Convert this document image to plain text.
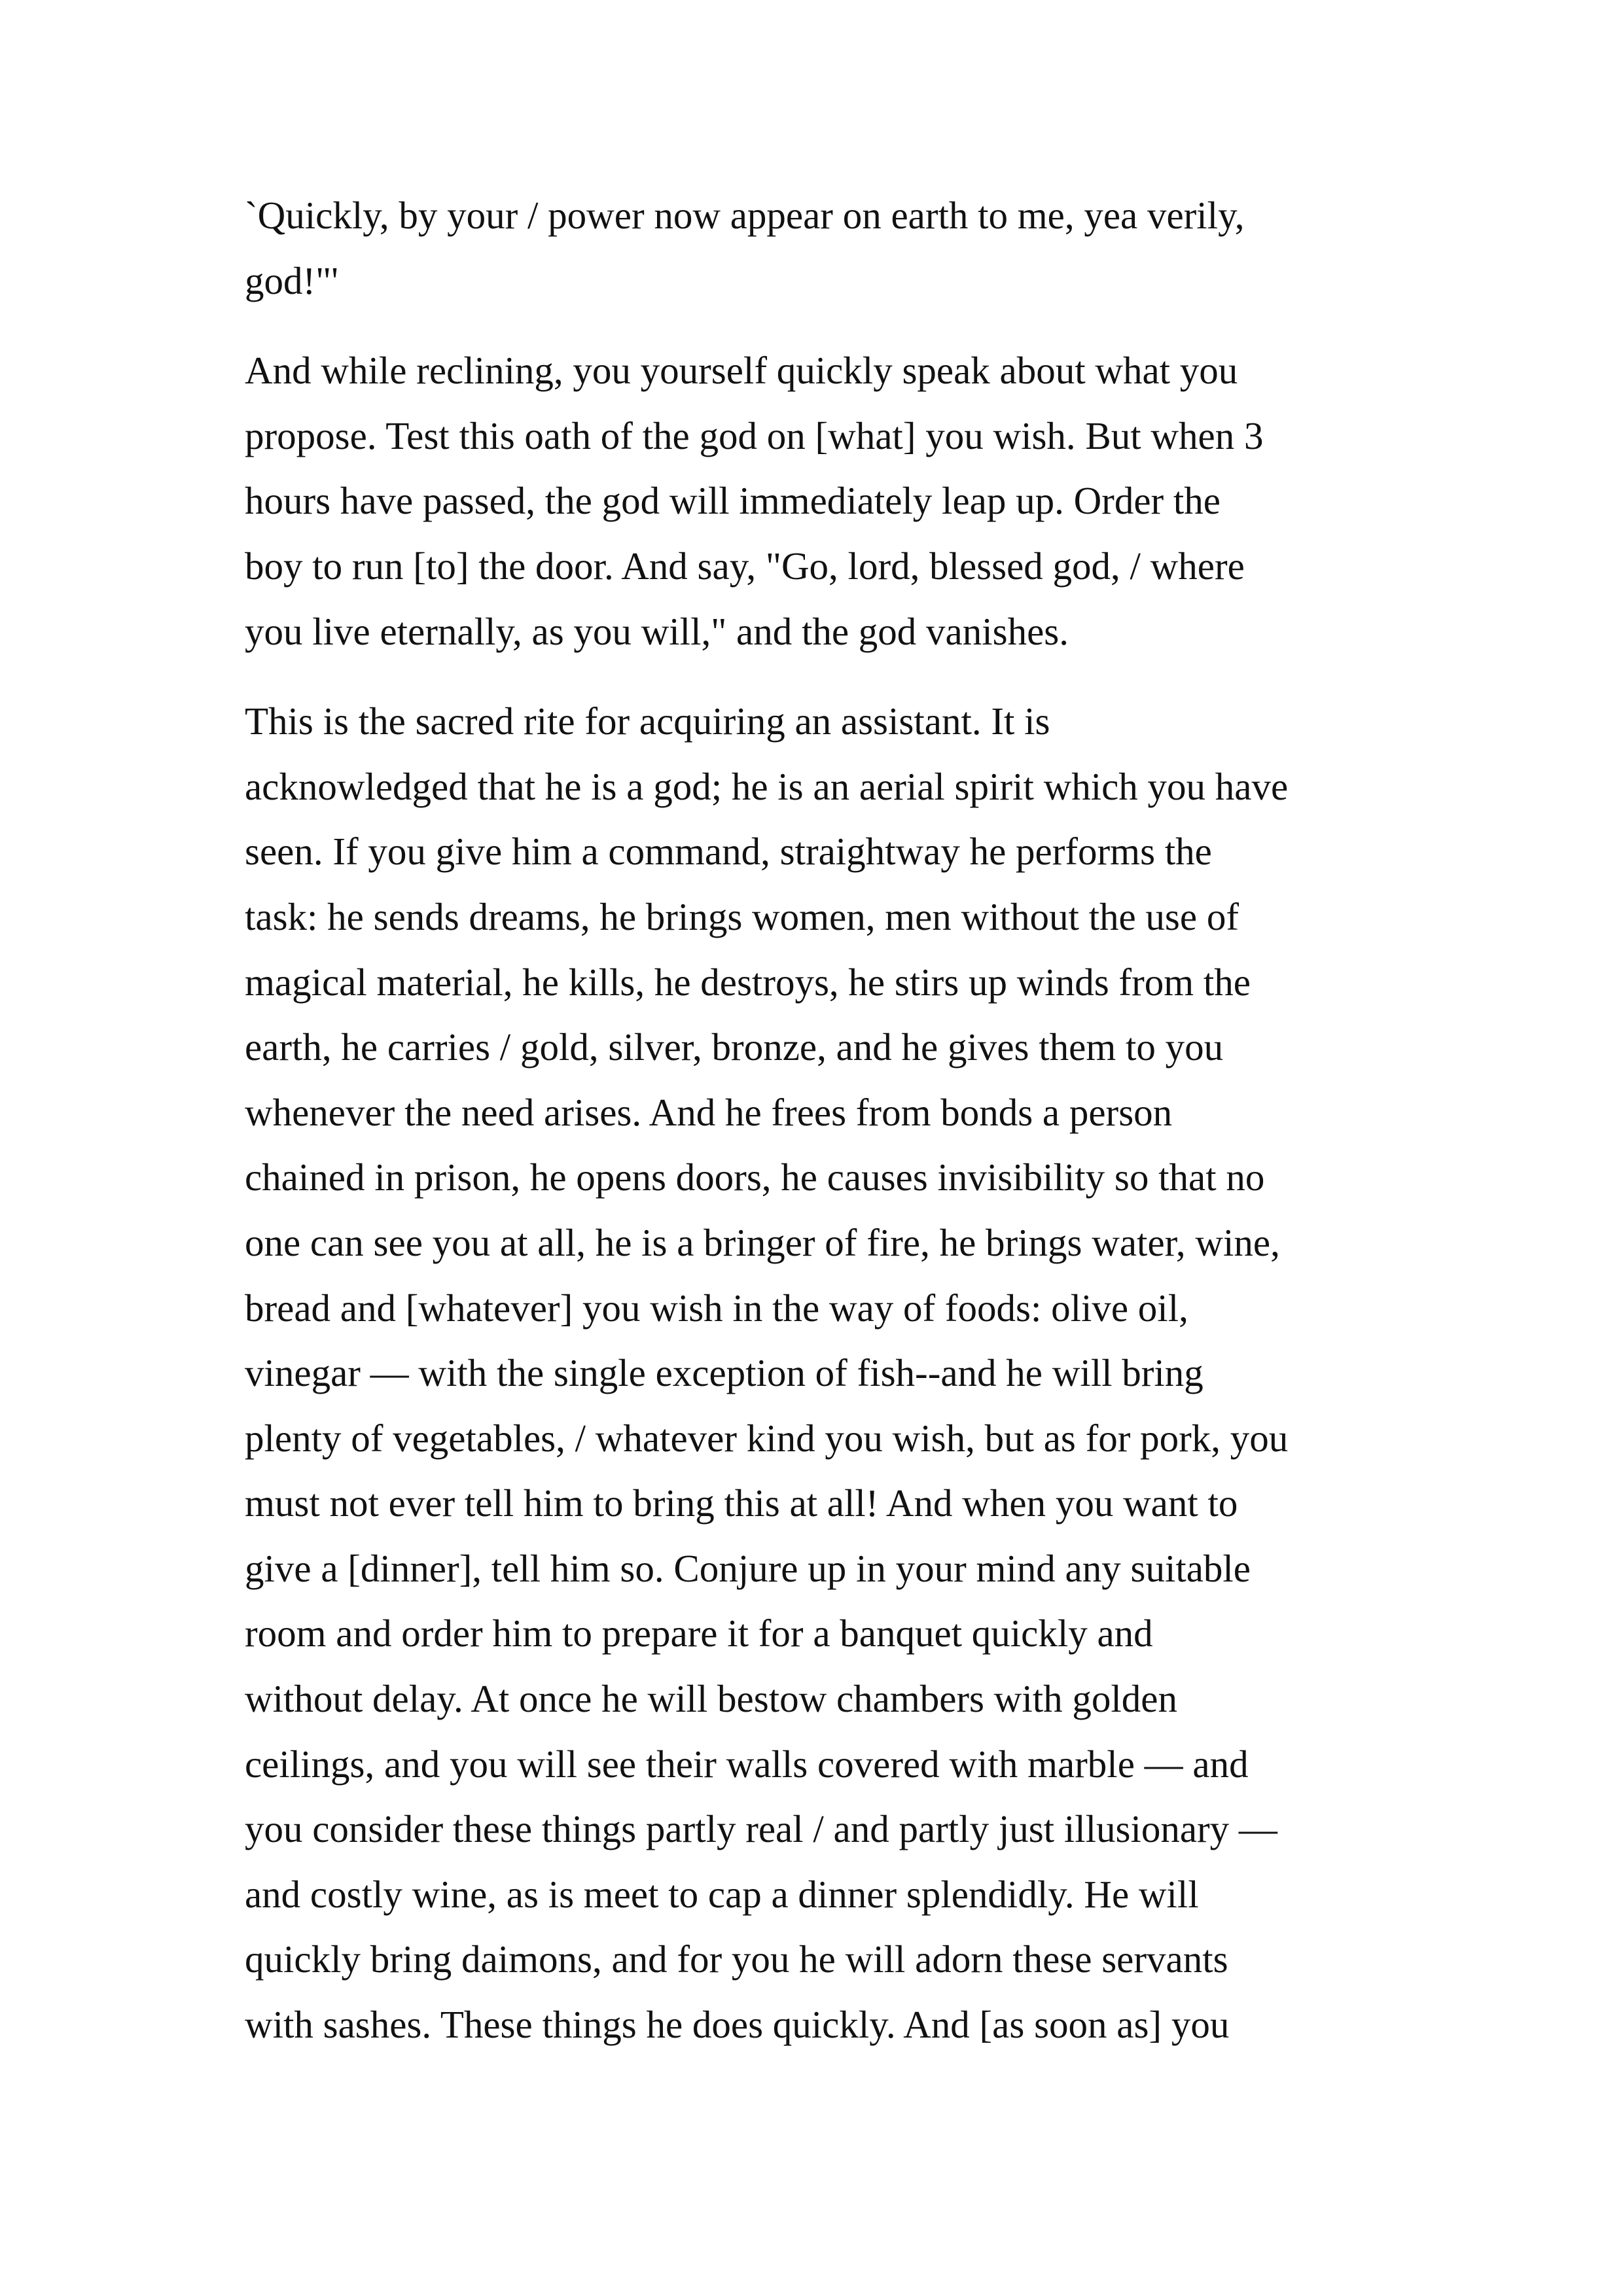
`Quickly, by your / power now appear on earth to me, yea verily,
god!"'

And while reclining, you yourself quickly speak about what you
propose. Test this oath of the god on [what] you wish. But when 3
hours have passed, the god will immediately leap up. Order the
boy to run [to] the door. And say, "Go, lord, blessed god, / where
you live eternally, as you will," and the god vanishes.

This is the sacred rite for acquiring an assistant. It is
acknowledged that he is a god; he is an aerial spirit which you have
seen. If you give him a command, straightway he performs the
task: he sends dreams, he brings women, men without the use of
magical material, he kills, he destroys, he stirs up winds from the
earth, he carries / gold, silver, bronze, and he gives them to you
whenever the need arises. And he frees from bonds a person
chained in prison, he opens doors, he causes invisibility so that no
one can see you at all, he is a bringer of fire, he brings water, wine,
bread and [whatever] you wish in the way of foods: olive oil,
vinegar — with the single exception of fish--and he will bring
plenty of vegetables, / whatever kind you wish, but as for pork, you
must not ever tell him to bring this at all! And when you want to
give a [dinner], tell him so. Conjure up in your mind any suitable
room and order him to prepare it for a banquet quickly and
without delay. At once he will bestow chambers with golden
ceilings, and you will see their walls covered with marble — and
you consider these things partly real / and partly just illusionary —
and costly wine, as is meet to cap a dinner splendidly. He will
quickly bring daimons, and for you he will adorn these servants
with sashes. These things he does quickly. And [as soon as] you
